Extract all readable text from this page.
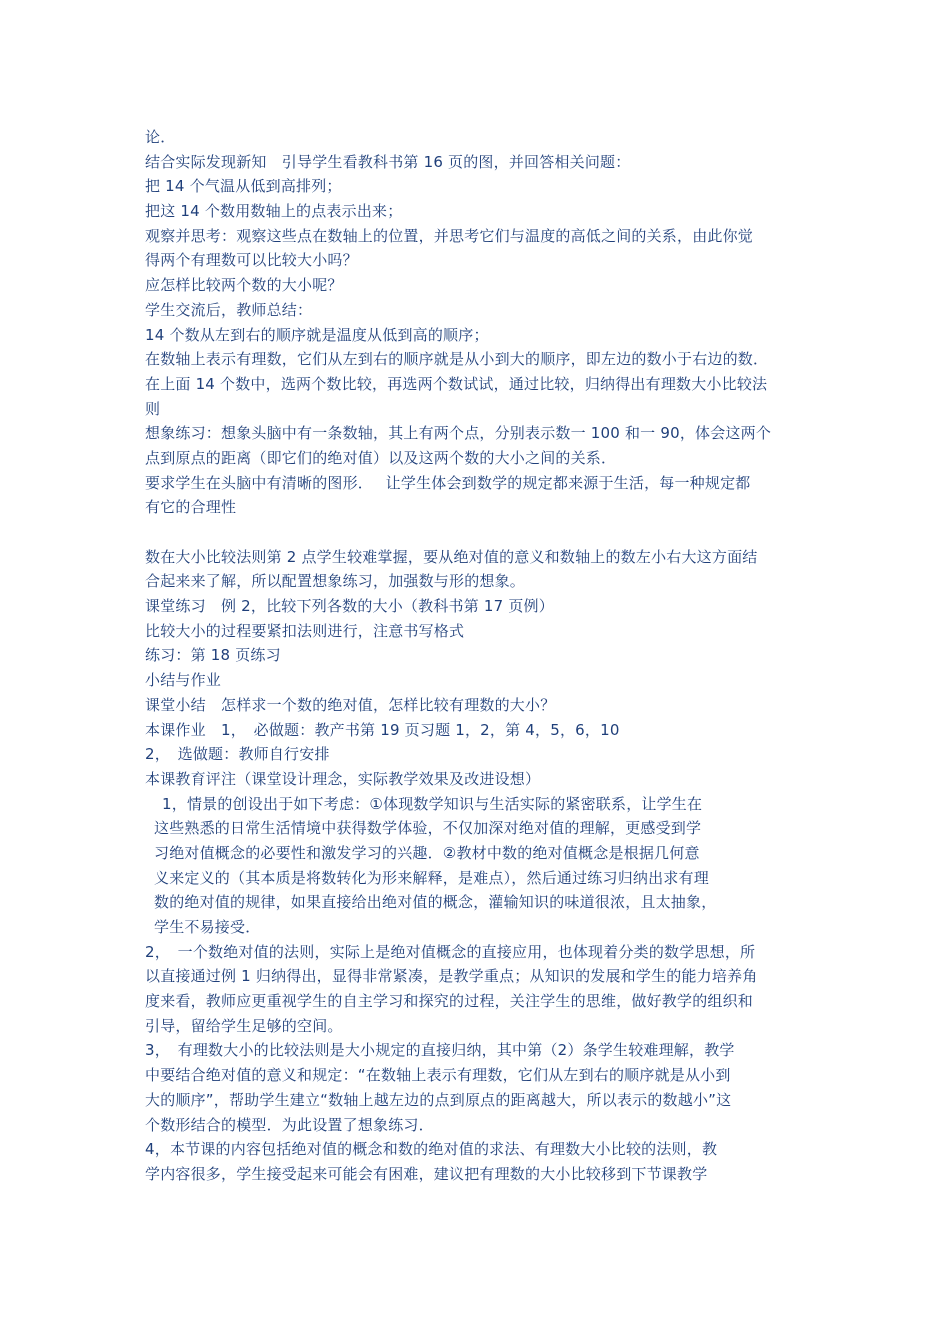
论．
结合实际发现新知　引导学生看教科书第 16 页的图，并回答相关问题：
把 14 个气温从低到高排列；
把这 14 个数用数轴上的点表示出来；
观察并思考：观察这些点在数轴上的位置，并思考它们与温度的高低之间的关系，由此你觉
得两个有理数可以比较大小吗？
应怎样比较两个数的大小呢？
学生交流后，教师总结：
14 个数从左到右的顺序就是温度从低到高的顺序；
在数轴上表示有理数，它们从左到右的顺序就是从小到大的顺序，即左边的数小于右边的数．
在上面 14 个数中，选两个数比较，再选两个数试试，通过比较，归纳得出有理数大小比较法
则
想象练习：想象头脑中有一条数轴，其上有两个点，分别表示数一 100 和一 90，体会这两个
点到原点的距离（即它们的绝对值）以及这两个数的大小之间的关系．
要求学生在头脑中有清晰的图形．　 让学生体会到数学的规定都来源于生活，每一种规定都
有它的合理性
数在大小比较法则第 2 点学生较难掌握，要从绝对值的意义和数轴上的数左小右大这方面结
合起来来了解，所以配置想象练习，加强数与形的想象。
课堂练习　例 2，比较下列各数的大小（教科书第 17 页例）
比较大小的过程要紧扣法则进行，注意书写格式
练习：第 18 页练习
小结与作业
课堂小结　怎样求一个数的绝对值，怎样比较有理数的大小？
本课作业　1，　必做题：教产书第 19 页习题 1，2，第 4，5，6，10
2，　选做题：教师自行安排
本课教育评注（课堂设计理念，实际教学效果及改进设想）
1，情景的创设出于如下考虑：①体现数学知识与生活实际的紧密联系，让学生在
这些熟悉的日常生活情境中获得数学体验，不仅加深对绝对值的理解，更感受到学
习绝对值概念的必要性和激发学习的兴趣．②教材中数的绝对值概念是根据几何意
义来定义的（其本质是将数转化为形来解释，是难点），然后通过练习归纳出求有理
数的绝对值的规律，如果直接给出绝对值的概念，灌输知识的味道很浓，且太抽象，
学生不易接受．
2，　一个数绝对值的法则，实际上是绝对值概念的直接应用，也体现着分类的数学思想，所
以直接通过例 1 归纳得出，显得非常紧凑，是教学重点；从知识的发展和学生的能力培养角
度来看，教师应更重视学生的自主学习和探究的过程，关注学生的思维，做好教学的组织和
引导，留给学生足够的空间。
3，　有理数大小的比较法则是大小规定的直接归纳，其中第（2）条学生较难理解，教学
中要结合绝对值的意义和规定：“在数轴上表示有理数，它们从左到右的顺序就是从小到
大的顺序”，帮助学生建立“数轴上越左边的点到原点的距离越大，所以表示的数越小”这
个数形结合的模型．为此设置了想象练习．
4，本节课的内容包括绝对值的概念和数的绝对值的求法、有理数大小比较的法则，教
学内容很多，学生接受起来可能会有困难，建议把有理数的大小比较移到下节课教学
